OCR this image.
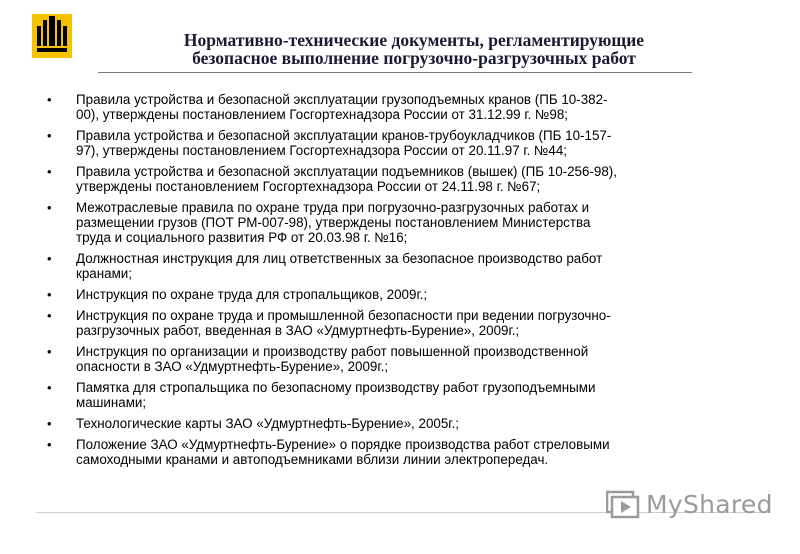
Нормативно-технические документы, регламентирующие
безопасное выполнение погрузочно-разгрузочных работ
• Правила устройства и безопасной эксплуатации грузоподъемных кранов (ПБ 10-382-
00), утверждены постановлением Госгортехнадзора России от 31.12.99 г. №98;
• Правила устройства и безопасной эксплуатации кранов-трубоукладчиков (ПБ 10-157-
97), утверждены постановлением Госгортехнадзора России от 20.11.97 г. №44;
• Правила устройства и безопасной эксплуатации подъемников (вышек) (ПБ 10-256-98),
утверждены постановлением Госгортехнадзора России от 24.11.98 г. №67;
• Межотраслевые правила по охране труда при погрузочно-разгрузочных работах и
размещении грузов (ПОТ РМ-007-98), утверждены постановлением Министерства
труда и социального развития РФ от 20.03.98 г. №16;
• Должностная инструкция для лиц ответственных за безопасное производство работ
кранами;
• Инструкция по охране труда для стропальщиков, 2009г.;
• Инструкция по охране труда и промышленной безопасности при ведении погрузочно-
разгрузочных работ, введенная в ЗАО «Удмуртнефть-Бурение», 2009г.;
• Инструкция по организации и производству работ повышенной производственной
опасности в ЗАО «Удмуртнефть-Бурение», 2009г.;
• Памятка для стропальщика по безопасному производству работ грузоподъемными
машинами;
• Технологические карты ЗАО «Удмуртнефть-Бурение», 2005г.;
• Положение ЗАО «Удмуртнефть-Бурение» о порядке производства работ стреловыми
самоходными кранами и автоподъемниками вблизи линии электропередач.
MyShared
